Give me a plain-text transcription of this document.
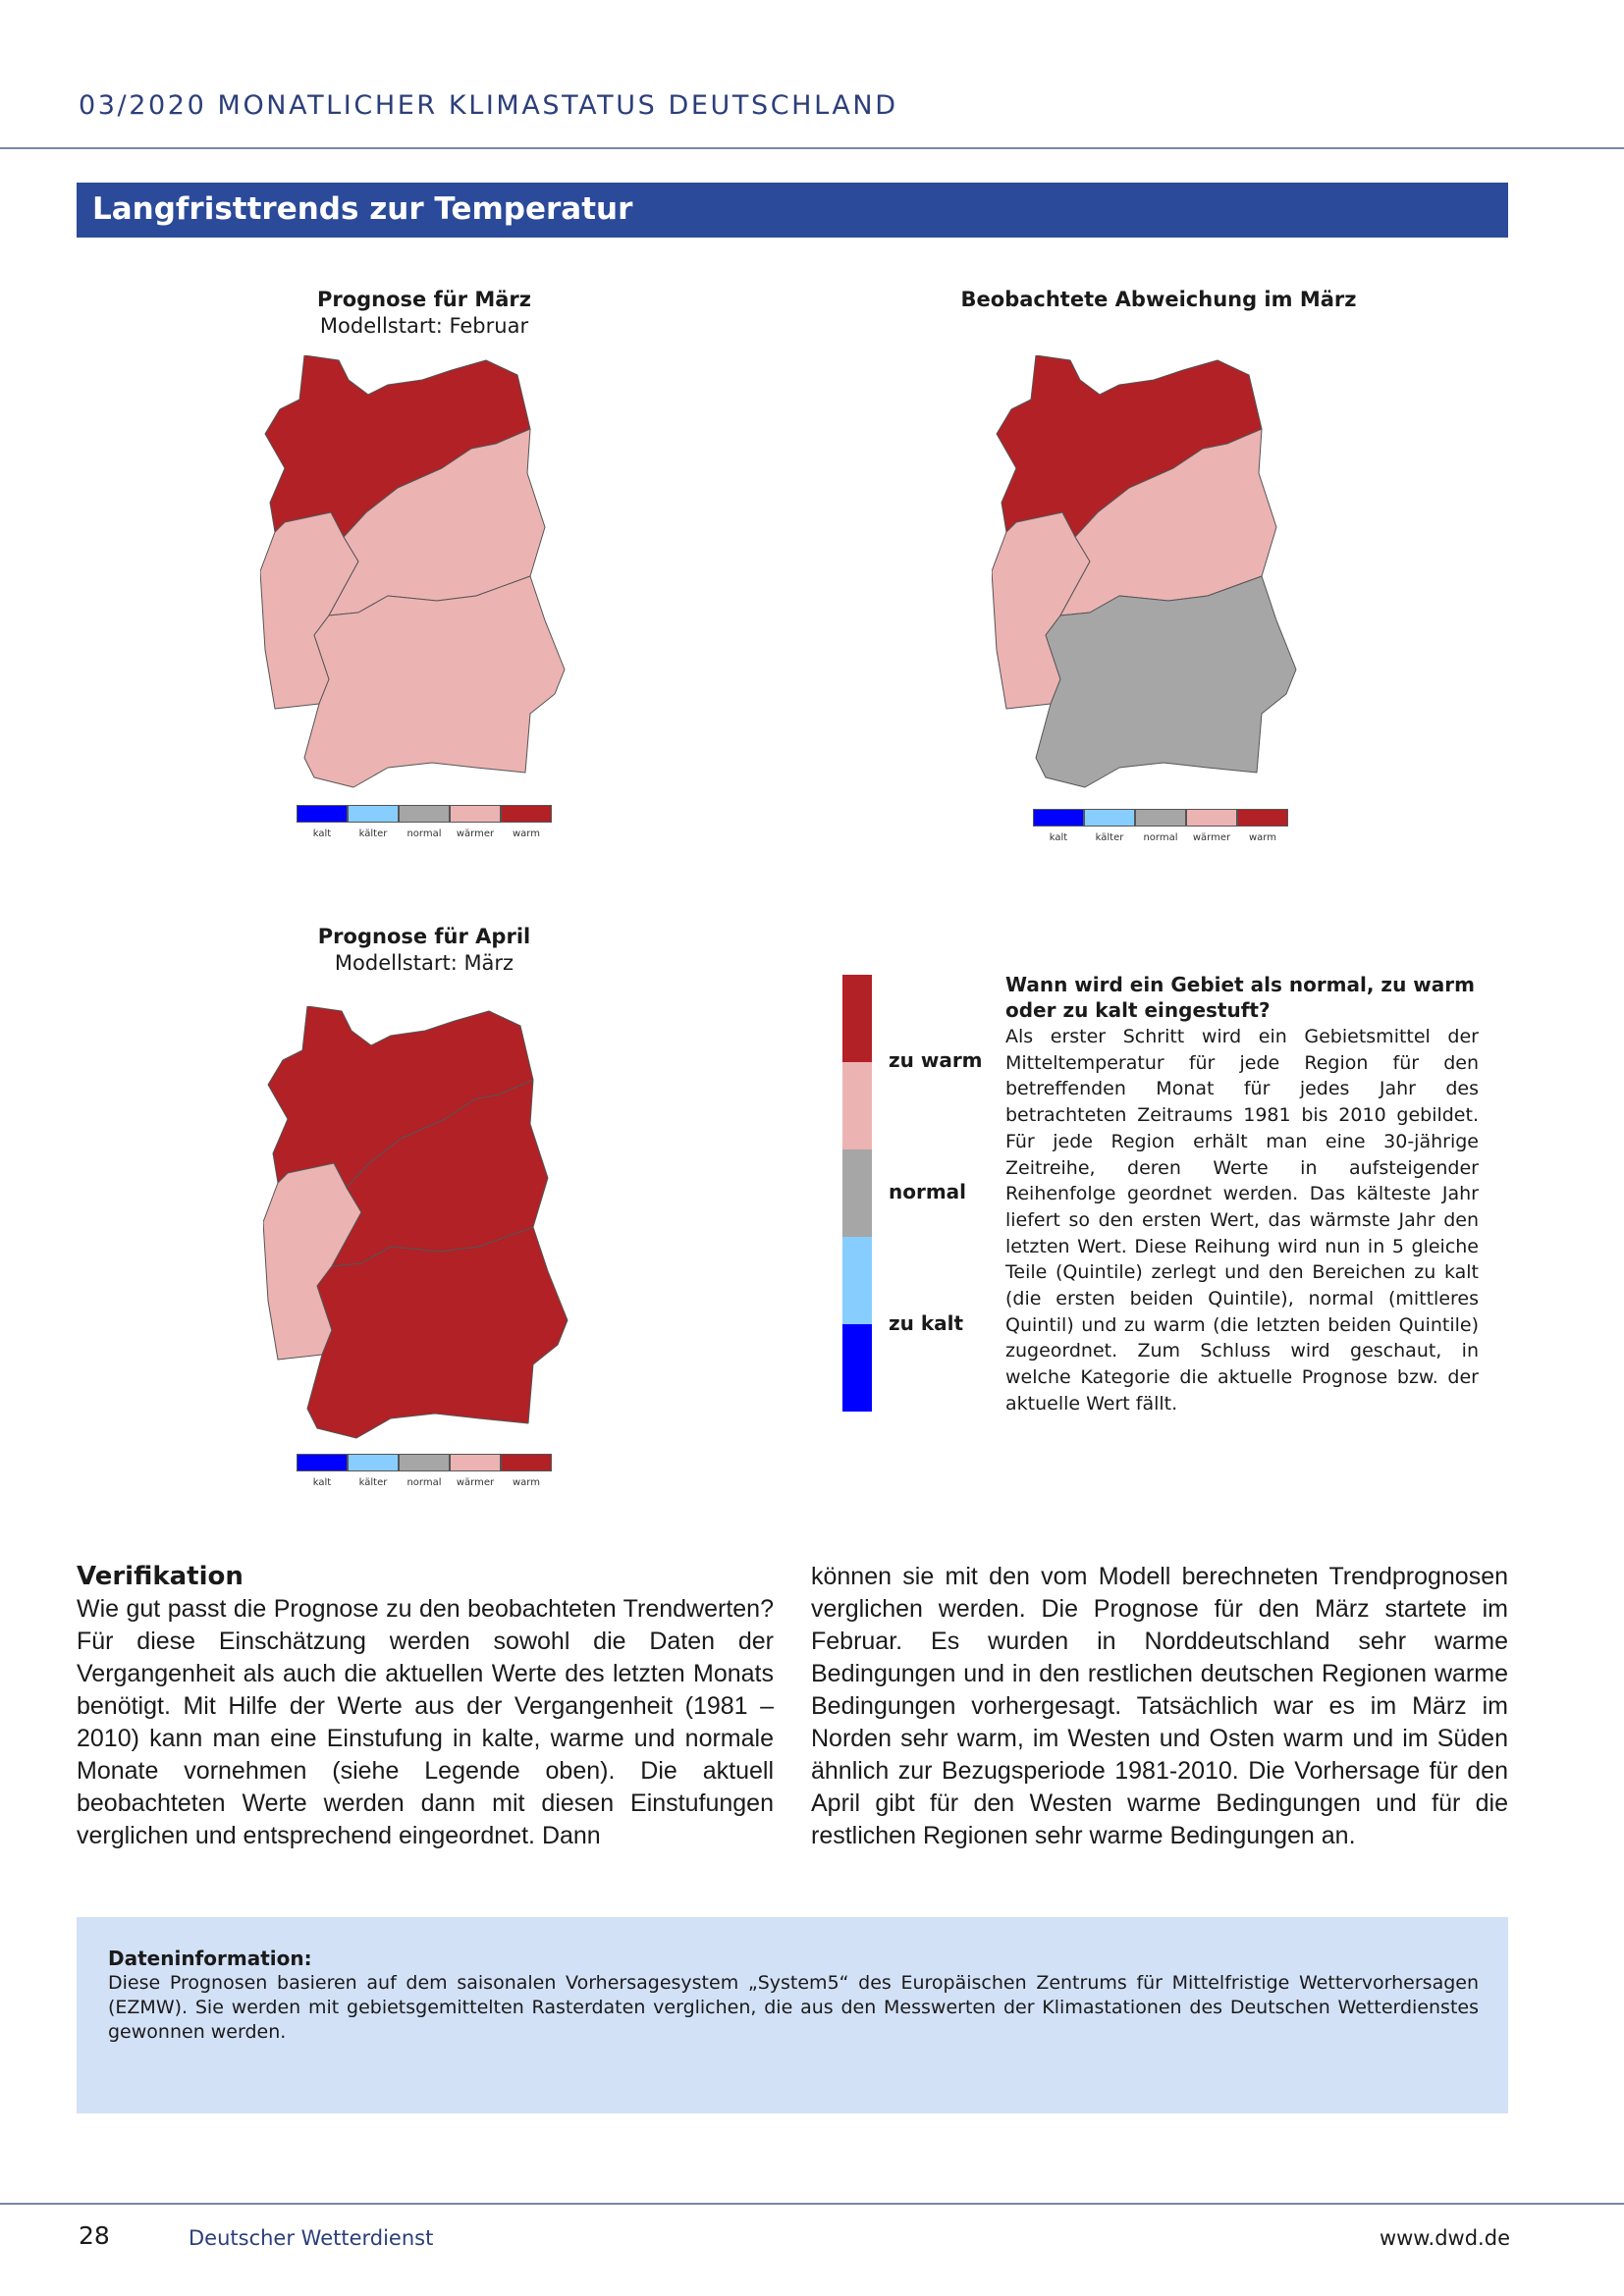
03/2020 MONATLICHER KLIMASTATUS DEUTSCHLAND
Langfristtrends zur Temperatur
Prognose für März
Modellstart: Februar
kalt	kälter	normal	wärmer	warm
Beobachtete Abweichung im März
kalt	kälter	normal	wärmer	warm
Prognose für April
Modellstart: März
kalt	kälter	normal	wärmer	warm
zu warm
normal
zu kalt
Wann wird ein Gebiet als normal, zu warm oder zu kalt eingestuft?
Als erster Schritt wird ein Gebietsmittel der Mitteltemperatur für jede Region für den betreffenden Monat für jedes Jahr des betrachteten Zeitraums 1981 bis 2010 gebildet. Für jede Region erhält man eine 30-jährige Zeitreihe, deren Werte in aufsteigender Reihenfolge geordnet werden. Das kälteste Jahr liefert so den ersten Wert, das wärmste Jahr den letzten Wert. Diese Reihung wird nun in 5 gleiche Teile (Quintile) zerlegt und den Bereichen zu kalt (die ersten beiden Quintile), normal (mittleres Quintil) und zu warm (die letzten beiden Quintile) zugeordnet. Zum Schluss wird geschaut, in welche Kategorie die aktuelle Prognose bzw. der aktuelle Wert fällt.
Verifikation
Wie gut passt die Prognose zu den beobachteten Trendwerten? Für diese Einschätzung werden sowohl die Daten der Vergangenheit als auch die aktuellen Werte des letzten Monats benötigt. Mit Hilfe der Werte aus der Vergangenheit (1981 – 2010) kann man eine Einstufung in kalte, warme und normale Monate vornehmen (siehe Legende oben). Die aktuell beobachteten Werte werden dann mit diesen Einstufungen verglichen und entsprechend eingeordnet. Dann
können sie mit den vom Modell berechneten Trendprognosen verglichen werden. Die Prognose für den März startete im Februar. Es wurden in Norddeutschland sehr warme Bedingungen und in den restlichen deutschen Regionen warme Bedingungen vorhergesagt. Tatsächlich war es im März im Norden sehr warm, im Westen und Osten warm und im Süden ähnlich zur Bezugsperiode 1981-2010. Die Vorhersage für den April gibt für den Westen warme Bedingungen und für die restlichen Regionen sehr warme Bedingungen an.
Dateninformation:
Diese Prognosen basieren auf dem saisonalen Vorhersagesystem „System5“ des Europäischen Zentrums für Mittelfristige Wettervorhersagen (EZMW). Sie werden mit gebietsgemittelten Rasterdaten verglichen, die aus den Messwerten der Klimastationen des Deutschen Wetterdienstes gewonnen werden.
28	Deutscher Wetterdienst	www.dwd.de
